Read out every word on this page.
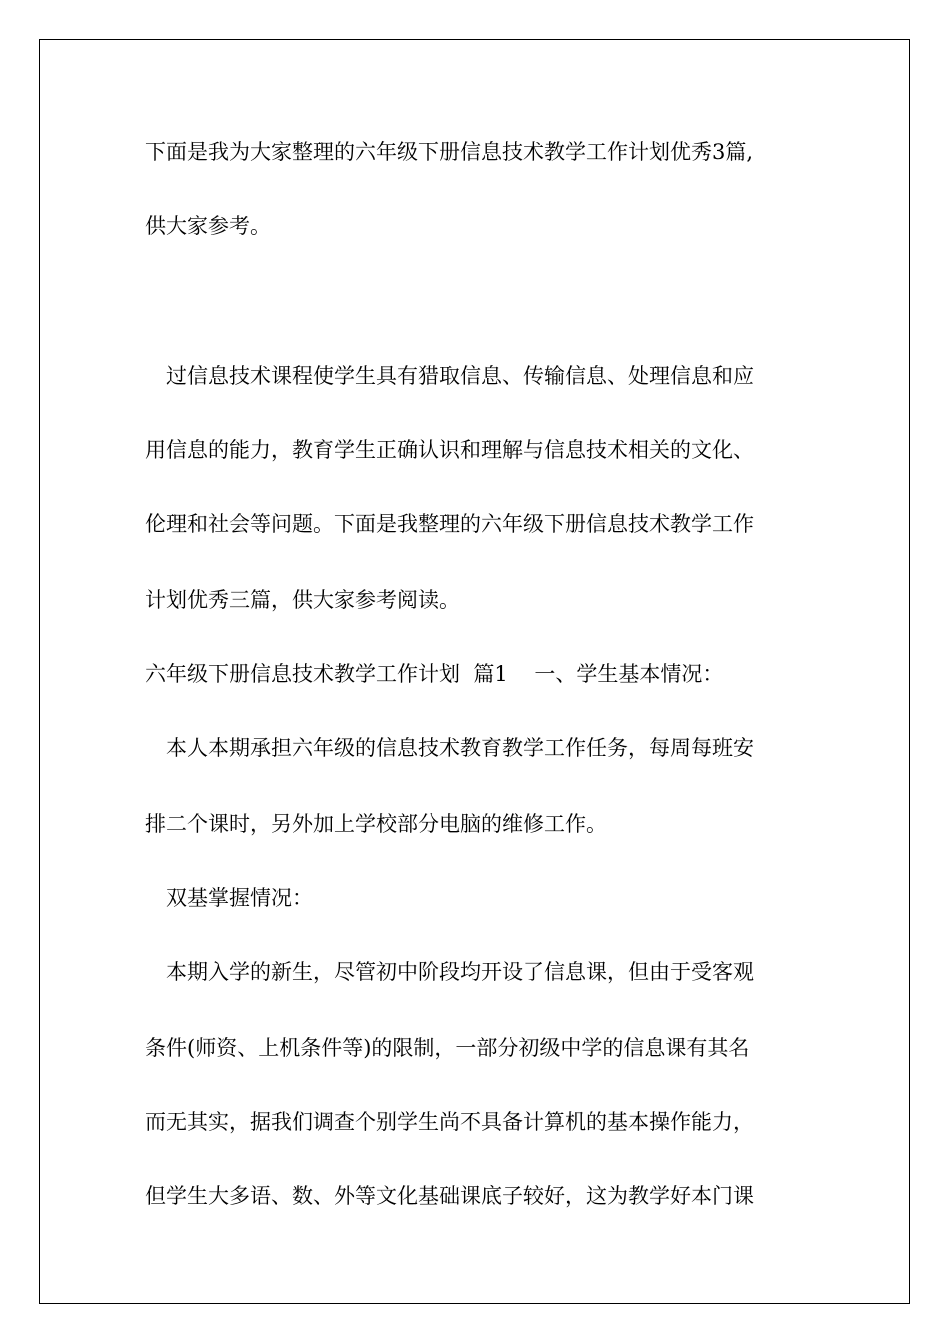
下面是我为大家整理的六年级下册信息技术教学工作计划优秀3篇,
供大家参考。
过信息技术课程使学生具有猎取信息、传输信息、处理信息和应
用信息的能力，教育学生正确认识和理解与信息技术相关的文化、
伦理和社会等问题。下面是我整理的六年级下册信息技术教学工作
计划优秀三篇，供大家参考阅读。
六年级下册信息技术教学工作计划  篇1    一、学生基本情况：
本人本期承担六年级的信息技术教育教学工作任务，每周每班安
排二个课时，另外加上学校部分电脑的维修工作。
双基掌握情况：
本期入学的新生，尽管初中阶段均开设了信息课，但由于受客观
条件(师资、上机条件等)的限制，一部分初级中学的信息课有其名
而无其实，据我们调查个别学生尚不具备计算机的基本操作能力，
但学生大多语、数、外等文化基础课底子较好，这为教学好本门课
